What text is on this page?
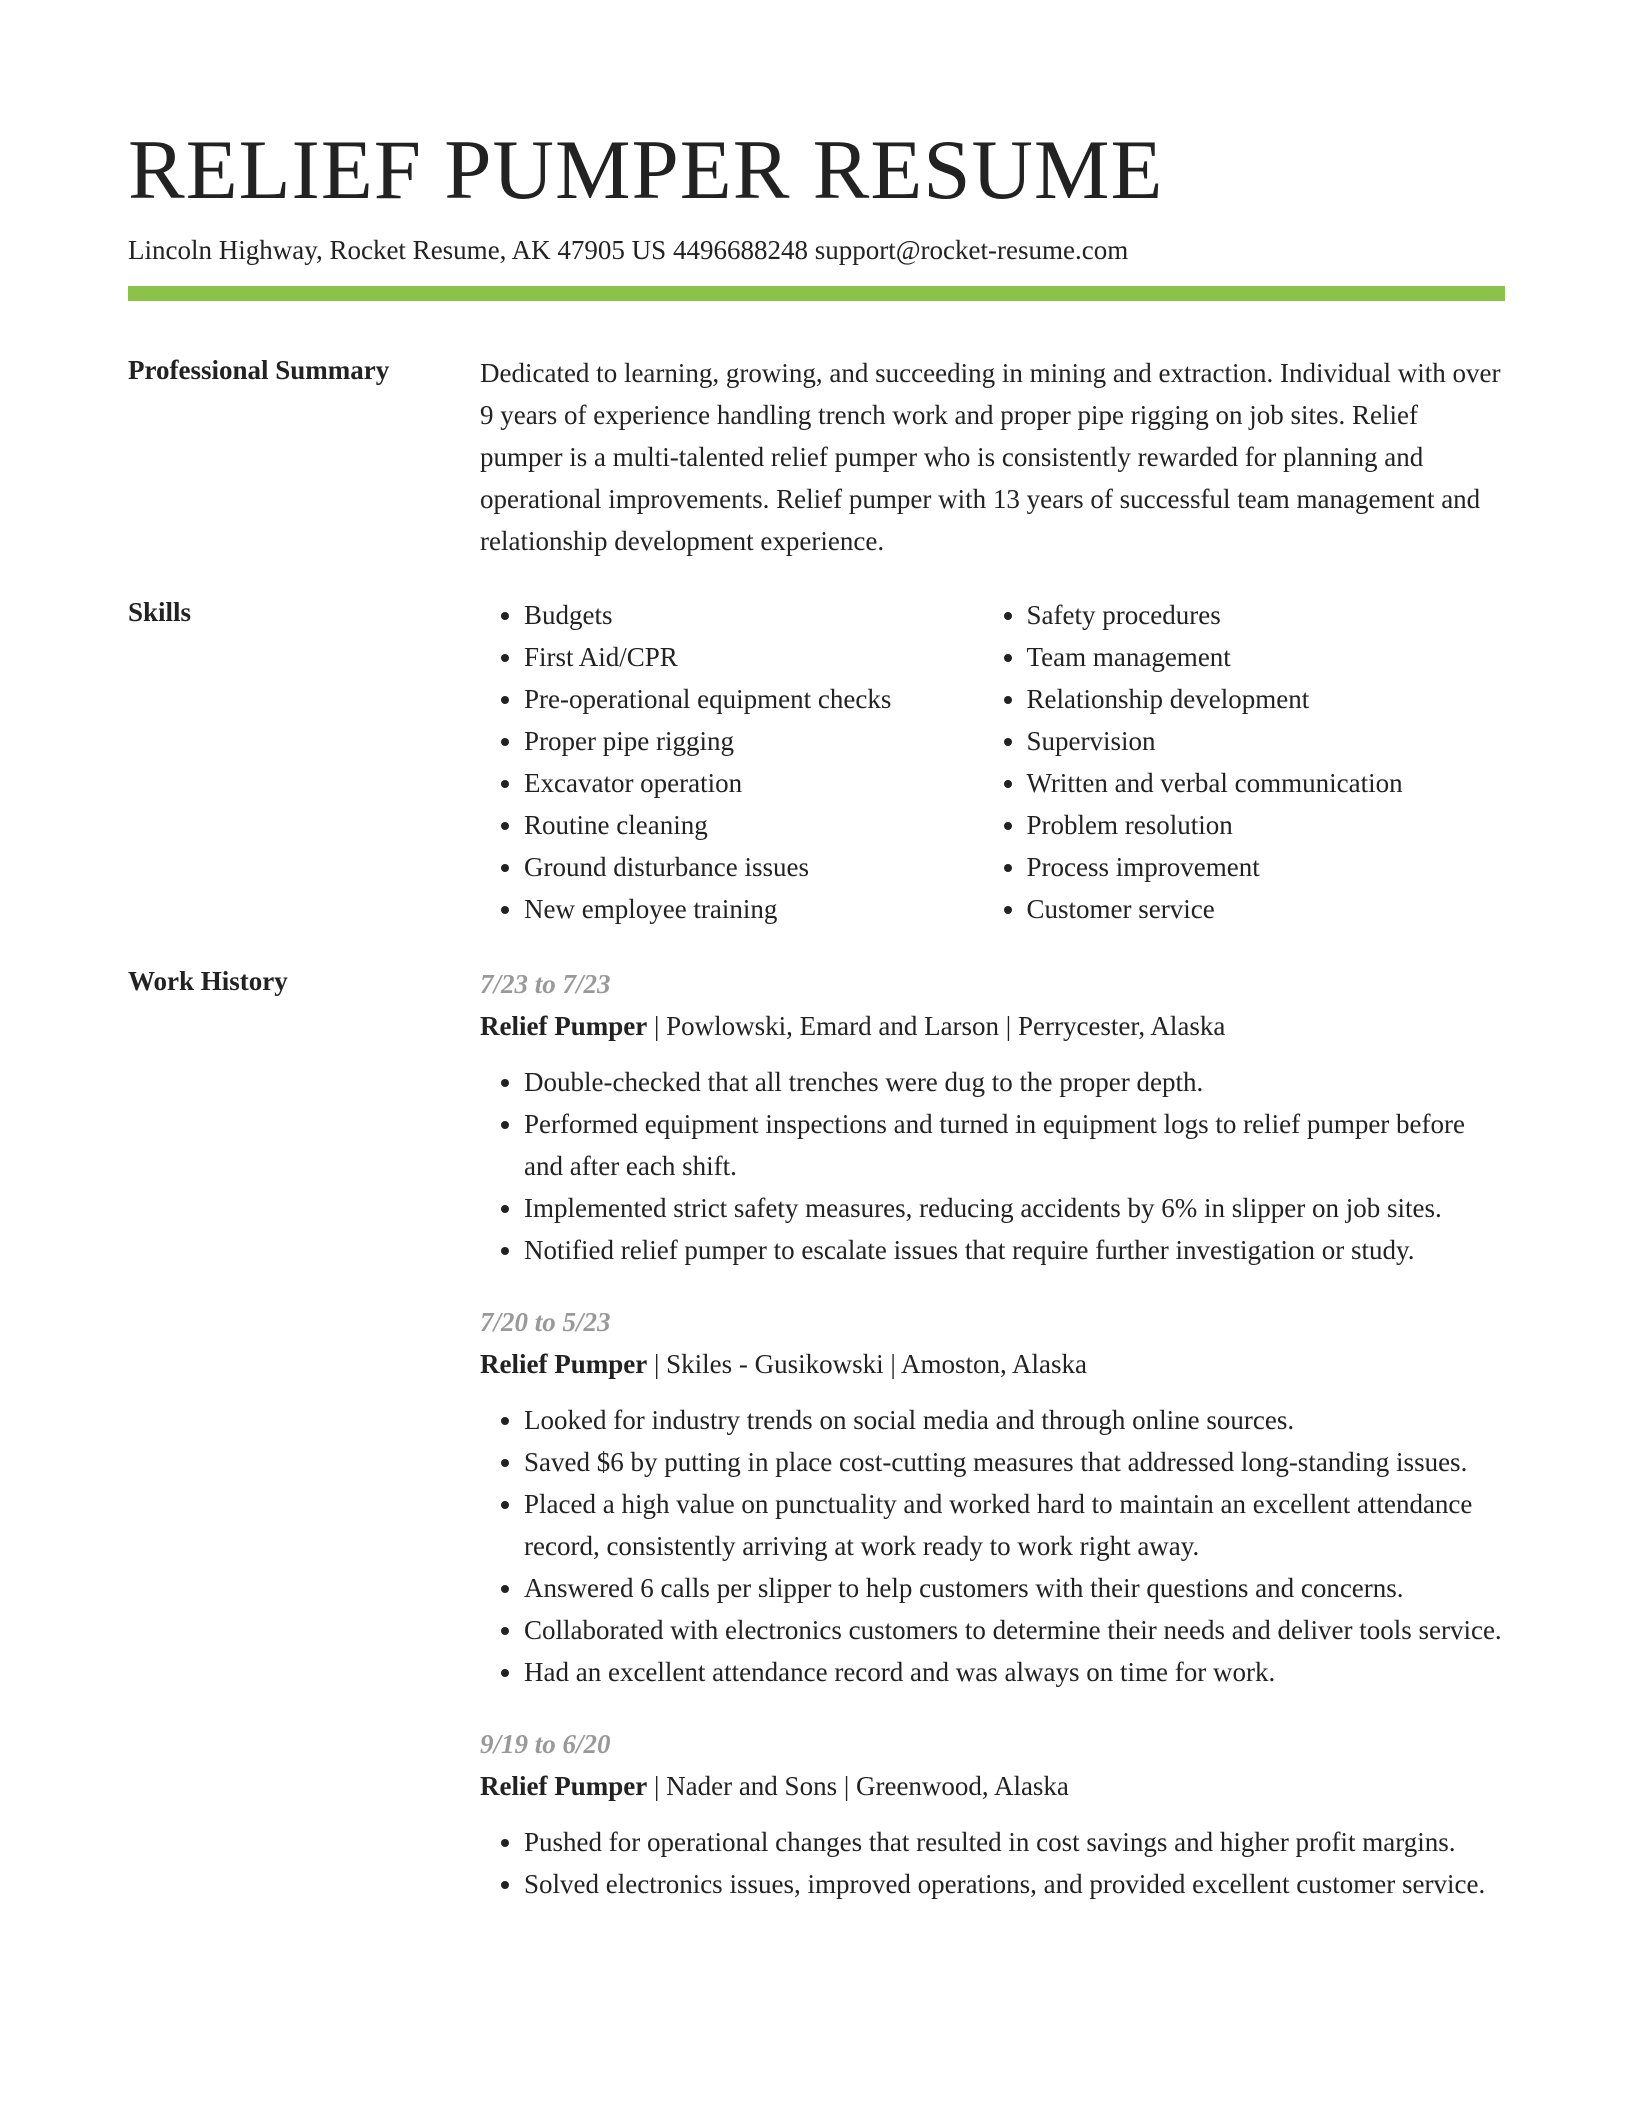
RELIEF PUMPER RESUME
Lincoln Highway, Rocket Resume, AK 47905 US 4496688248 support@rocket-resume.com
Professional Summary	Dedicated to learning, growing, and succeeding in mining and extraction. Individual with over 9 years of experience handling trench work and proper pipe rigging on job sites. Relief pumper is a multi-talented relief pumper who is consistently rewarded for planning and operational improvements. Relief pumper with 13 years of successful team management and relationship development experience.

Skills
•	Budgets
• First Aid/CPR
• Pre-operational equipment checks
• Proper pipe rigging
• Excavator operation
• Routine cleaning
• Ground disturbance issues
• New employee training
• Safety procedures
• Team management
• Relationship development
• Supervision
• Written and verbal communication
• Problem resolution
• Process improvement
• Customer service
Work History	7/23 to 7/23
Relief Pumper | Powlowski, Emard and Larson | Perrycester, Alaska
• Double-checked that all trenches were dug to the proper depth.
• Performed equipment inspections and turned in equipment logs to relief pumper before and after each shift.
• Implemented strict safety measures, reducing accidents by 6% in slipper on job sites.
• Notified relief pumper to escalate issues that require further investigation or study.
7/20 to 5/23
Relief Pumper | Skiles - Gusikowski | Amoston, Alaska
• Looked for industry trends on social media and through online sources.
• Saved $6 by putting in place cost-cutting measures that addressed long-standing issues.
• Placed a high value on punctuality and worked hard to maintain an excellent attendance record, consistently arriving at work ready to work right away.
• Answered 6 calls per slipper to help customers with their questions and concerns.
• Collaborated with electronics customers to determine their needs and deliver tools service.
• Had an excellent attendance record and was always on time for work.
9/19 to 6/20
Relief Pumper | Nader and Sons | Greenwood, Alaska
• Pushed for operational changes that resulted in cost savings and higher profit margins.
• Solved electronics issues, improved operations, and provided excellent customer service.
